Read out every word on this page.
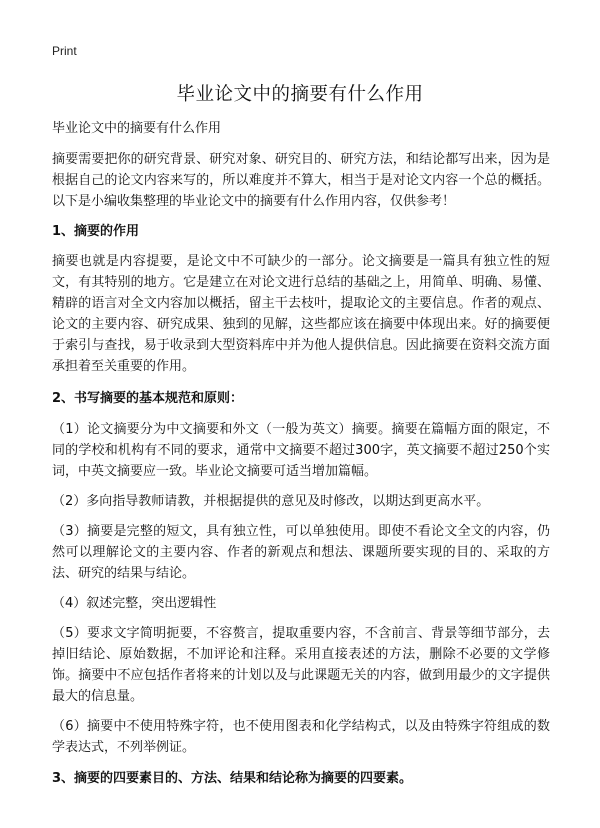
Print
毕业论文中的摘要有什么作用

毕业论文中的摘要有什么作用

摘要需要把你的研究背景、研究对象、研究目的、研究方法，和结论都写出来，因为是根据自己的论文内容来写的，所以难度并不算大，相当于是对论文内容一个总的概括。以下是小编收集整理的毕业论文中的摘要有什么作用内容，仅供参考！

1、摘要的作用

摘要也就是内容提要，是论文中不可缺少的一部分。论文摘要是一篇具有独立性的短文，有其特别的地方。它是建立在对论文进行总结的基础之上，用简单、明确、易懂、精辟的语言对全文内容加以概括，留主干去枝叶，提取论文的主要信息。作者的观点、论文的主要内容、研究成果、独到的见解，这些都应该在摘要中体现出来。好的摘要便于索引与查找，易于收录到大型资料库中并为他人提供信息。因此摘要在资料交流方面承担着至关重要的作用。

2、书写摘要的基本规范和原则：

（1）论文摘要分为中文摘要和外文（一般为英文）摘要。摘要在篇幅方面的限定，不同的学校和机构有不同的要求，通常中文摘要不超过300字，英文摘要不超过250个实词，中英文摘要应一致。毕业论文摘要可适当增加篇幅。

（2）多向指导教师请教，并根据提供的意见及时修改，以期达到更高水平。

（3）摘要是完整的短文，具有独立性，可以单独使用。即使不看论文全文的内容，仍然可以理解论文的主要内容、作者的新观点和想法、课题所要实现的目的、采取的方法、研究的结果与结论。

（4）叙述完整，突出逻辑性

（5）要求文字简明扼要，不容赘言，提取重要内容，不含前言、背景等细节部分，去掉旧结论、原始数据，不加评论和注释。采用直接表述的方法，删除不必要的文学修饰。摘要中不应包括作者将来的计划以及与此课题无关的内容，做到用最少的文字提供最大的信息量。

（6）摘要中不使用特殊字符，也不使用图表和化学结构式，以及由特殊字符组成的数学表达式，不列举例证。

3、摘要的四要素目的、方法、结果和结论称为摘要的四要素。
